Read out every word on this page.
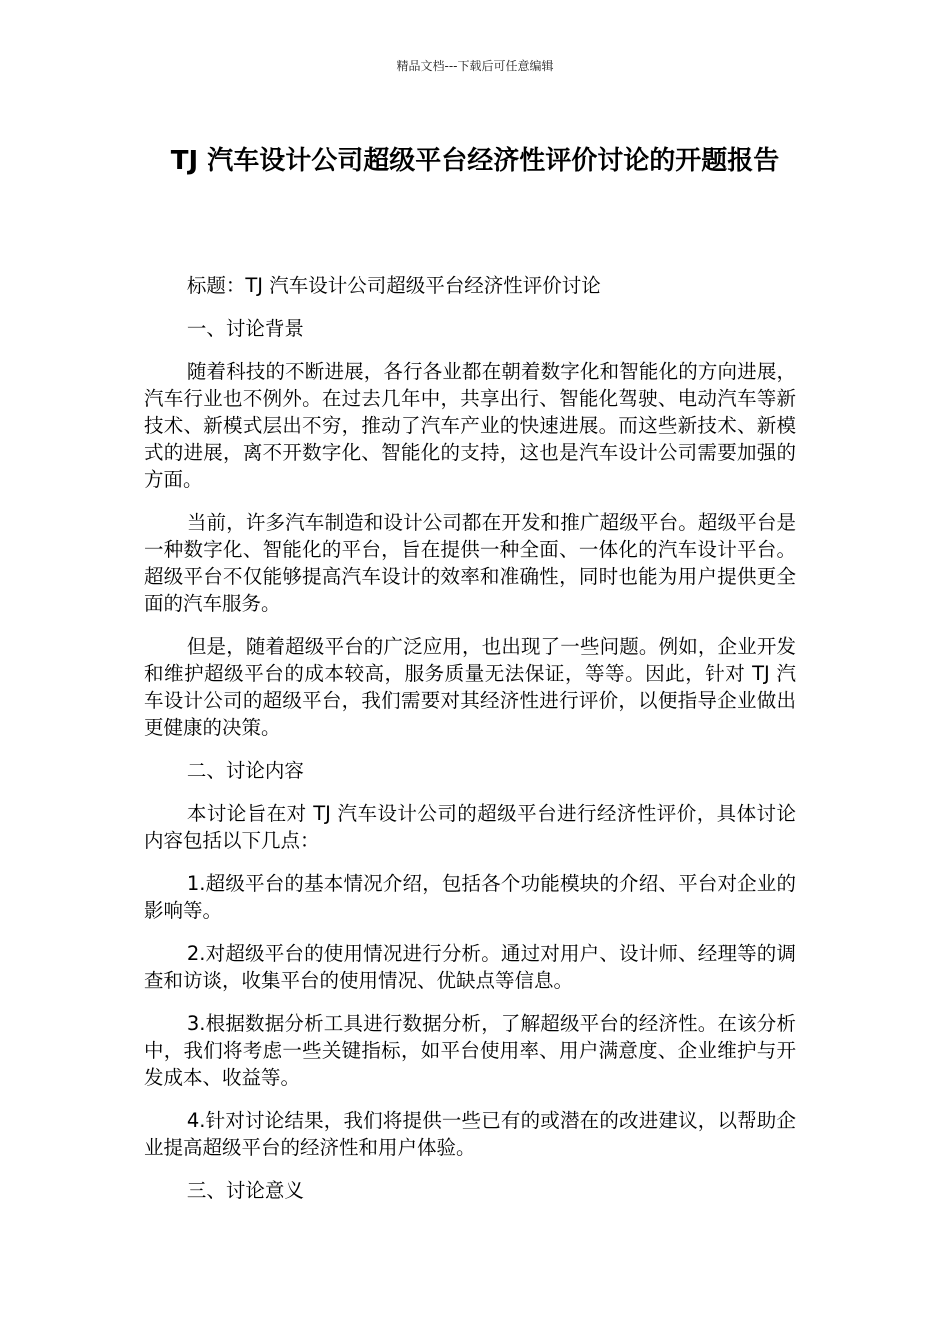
精品文档---下载后可任意编辑
TJ 汽车设计公司超级平台经济性评价讨论的开题报告

标题：TJ 汽车设计公司超级平台经济性评价讨论

一、讨论背景

随着科技的不断进展，各行各业都在朝着数字化和智能化的方向进展，汽车行业也不例外。在过去几年中，共享出行、智能化驾驶、电动汽车等新技术、新模式层出不穷，推动了汽车产业的快速进展。而这些新技术、新模式的进展，离不开数字化、智能化的支持，这也是汽车设计公司需要加强的方面。

当前，许多汽车制造和设计公司都在开发和推广超级平台。超级平台是一种数字化、智能化的平台，旨在提供一种全面、一体化的汽车设计平台。超级平台不仅能够提高汽车设计的效率和准确性，同时也能为用户提供更全面的汽车服务。

但是，随着超级平台的广泛应用，也出现了一些问题。例如，企业开发和维护超级平台的成本较高，服务质量无法保证，等等。因此，针对 TJ 汽车设计公司的超级平台，我们需要对其经济性进行评价，以便指导企业做出更健康的决策。

二、讨论内容

本讨论旨在对 TJ 汽车设计公司的超级平台进行经济性评价，具体讨论内容包括以下几点：

1.超级平台的基本情况介绍，包括各个功能模块的介绍、平台对企业的影响等。

2.对超级平台的使用情况进行分析。通过对用户、设计师、经理等的调查和访谈，收集平台的使用情况、优缺点等信息。

3.根据数据分析工具进行数据分析，了解超级平台的经济性。在该分析中，我们将考虑一些关键指标，如平台使用率、用户满意度、企业维护与开发成本、收益等。

4.针对讨论结果，我们将提供一些已有的或潜在的改进建议，以帮助企业提高超级平台的经济性和用户体验。

三、讨论意义
